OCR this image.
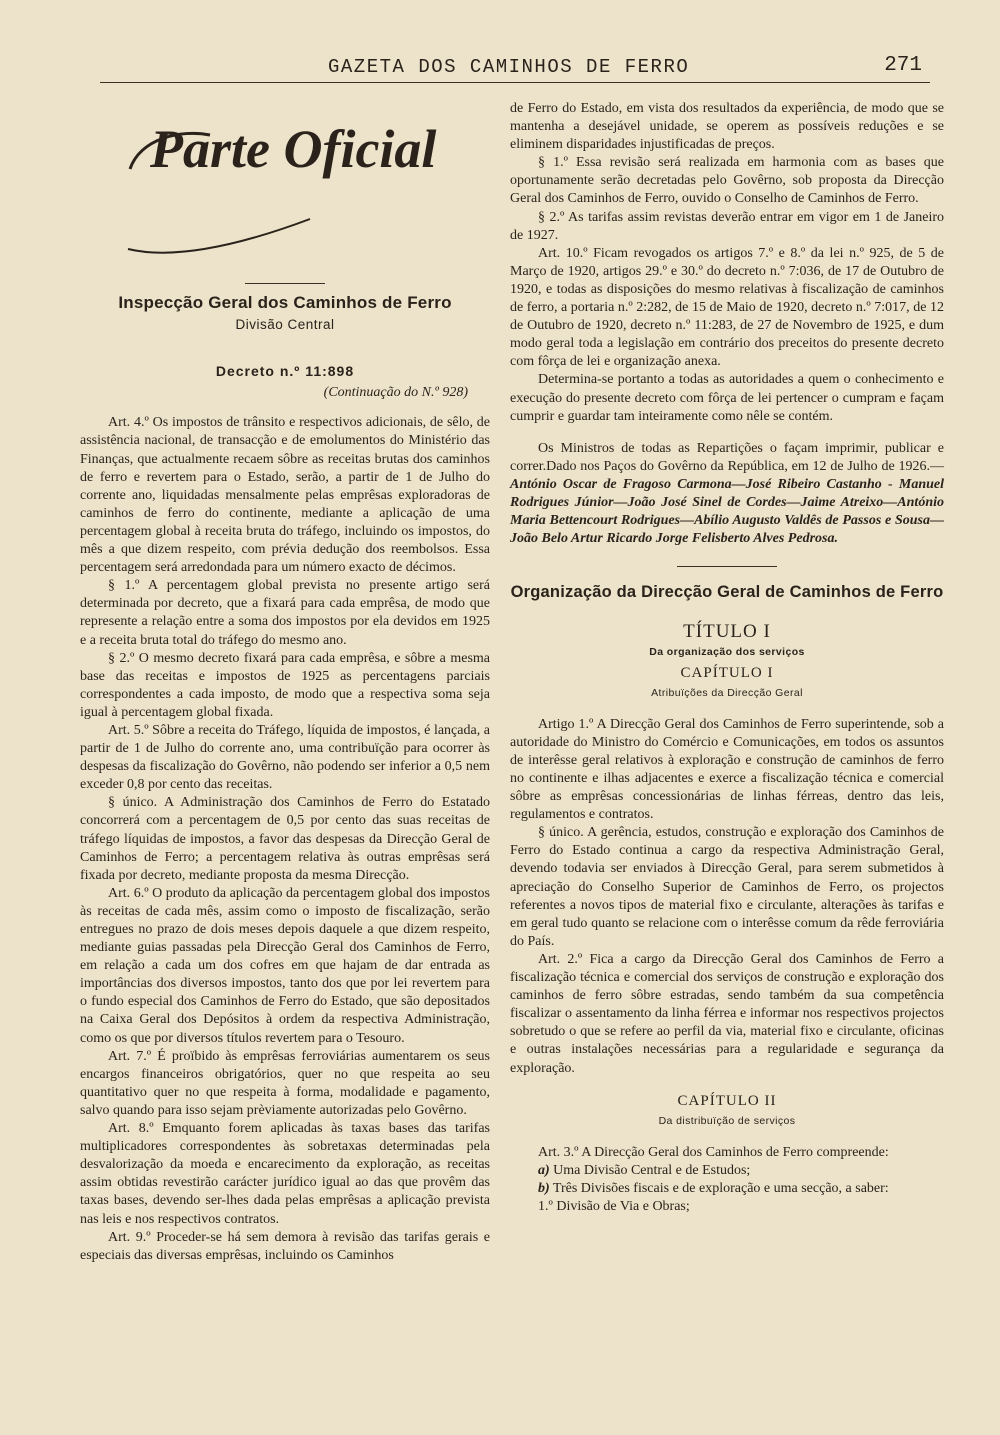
GAZETA DOS CAMINHOS DE FERRO	271
Parte Oficial

Inspecção Geral dos Caminhos de Ferro

Divisão Central

Decreto n.º 11:898

(Continuação do N.º 928)

Art. 4.º Os impostos de trânsito e respectivos adicionais, de sêlo, de assistência nacional, de transacção e de emolumentos do Ministério das Finanças, que actualmente recaem sôbre as receitas brutas dos caminhos de ferro e revertem para o Estado, serão, a partir de 1 de Julho do corrente ano, liquidadas mensalmente pelas emprêsas exploradoras de caminhos de ferro do continente, mediante a aplicação de uma percentagem global à receita bruta do tráfego, incluindo os impostos, do mês a que dizem respeito, com prévia dedução dos reembolsos. Essa percentagem será arredondada para um número exacto de décimos.

§ 1.º A percentagem global prevista no presente artigo será determinada por decreto, que a fixará para cada emprêsa, de modo que represente a relação entre a soma dos impostos por ela devidos em 1925 e a receita bruta total do tráfego do mesmo ano.

§ 2.º O mesmo decreto fixará para cada emprêsa, e sôbre a mesma base das receitas e impostos de 1925 as percentagens parciais correspondentes a cada imposto, de modo que a respectiva soma seja igual à percentagem global fixada.

Art. 5.º Sôbre a receita do Tráfego, líquida de impostos, é lançada, a partir de 1 de Julho do corrente ano, uma contribuïção para ocorrer às despesas da fiscalização do Govêrno, não podendo ser inferior a 0,5 nem exceder 0,8 por cento das receitas.

§ único. A Administração dos Caminhos de Ferro do Estatado concorrerá com a percentagem de 0,5 por cento das suas receitas de tráfego líquidas de impostos, a favor das despesas da Direcção Geral de Caminhos de Ferro; a percentagem relativa às outras emprêsas será fixada por decreto, mediante proposta da mesma Direcção.

Art. 6.º O produto da aplicação da percentagem global dos impostos às receitas de cada mês, assim como o imposto de fiscalização, serão entregues no prazo de dois meses depois daquele a que dizem respeito, mediante guias passadas pela Direcção Geral dos Caminhos de Ferro, em relação a cada um dos cofres em que hajam de dar entrada as importâncias dos diversos impostos, tanto dos que por lei revertem para o fundo especial dos Caminhos de Ferro do Estado, que são depositados na Caixa Geral dos Depósitos à ordem da respectiva Administração, como os que por diversos títulos revertem para o Tesouro.

Art. 7.º É proïbido às emprêsas ferroviárias aumentarem os seus encargos financeiros obrigatórios, quer no que respeita ao seu quantitativo quer no que respeita à forma, modalidade e pagamento, salvo quando para isso sejam prèviamente autorizadas pelo Govêrno.

Art. 8.º Emquanto forem aplicadas às taxas bases das tarifas multiplicadores correspondentes às sobretaxas determinadas pela desvalorização da moeda e encarecimento da exploração, as receitas assim obtidas revestirão carácter jurídico igual ao das que provêm das taxas bases, devendo ser-lhes dada pelas emprêsas a aplicação prevista nas leis e nos respectivos contratos.

Art. 9.º Proceder-se há sem demora à revisão das tarifas gerais e especiais das diversas emprêsas, incluindo os Caminhos

de Ferro do Estado, em vista dos resultados da experiência, de modo que se mantenha a desejável unidade, se operem as possíveis reduções e se eliminem disparidades injustificadas de preços.

§ 1.º Essa revisão será realizada em harmonia com as bases que oportunamente serão decretadas pelo Govêrno, sob proposta da Direcção Geral dos Caminhos de Ferro, ouvido o Conselho de Caminhos de Ferro.

§ 2.º As tarifas assim revistas deverão entrar em vigor em 1 de Janeiro de 1927.

Art. 10.º Ficam revogados os artigos 7.º e 8.º da lei n.º 925, de 5 de Março de 1920, artigos 29.º e 30.º do decreto n.º 7:036, de 17 de Outubro de 1920, e todas as disposições do mesmo relativas à fiscalização de caminhos de ferro, a portaria n.º 2:282, de 15 de Maio de 1920, decreto n.º 7:017, de 12 de Outubro de 1920, decreto n.º 11:283, de 27 de Novembro de 1925, e dum modo geral toda a legislação em contrário dos preceitos do presente decreto com fôrça de lei e organização anexa.

Determina-se portanto a todas as autoridades a quem o conhecimento e execução do presente decreto com fôrça de lei pertencer o cumpram e façam cumprir e guardar tam inteiramente como nêle se contém.

Os Ministros de todas as Repartições o façam imprimir, publicar e correr.Dado nos Paços do Govêrno da República, em 12 de Julho de 1926.—António Oscar de Fragoso Carmona—José Ribeiro Castanho - Manuel Rodrigues Júnior—João José Sinel de Cordes—Jaime Atreixo—António Maria Bettencourt Rodrigues—Abílio Augusto Valdês de Passos e Sousa—João Belo Artur Ricardo Jorge Felisberto Alves Pedrosa.

Organização da Direcção Geral de Caminhos de Ferro

TÍTULO I

Da organização dos serviços

CAPÍTULO I

Atribuïções da Direcção Geral

Artigo 1.º A Direcção Geral dos Caminhos de Ferro superintende, sob a autoridade do Ministro do Comércio e Comunicações, em todos os assuntos de interêsse geral relativos à exploração e construção de caminhos de ferro no continente e ilhas adjacentes e exerce a fiscalização técnica e comercial sôbre as emprêsas concessionárias de linhas férreas, dentro das leis, regulamentos e contratos.

§ único. A gerência, estudos, construção e exploração dos Caminhos de Ferro do Estado continua a cargo da respectiva Administração Geral, devendo todavia ser enviados à Direcção Geral, para serem submetidos à apreciação do Conselho Superior de Caminhos de Ferro, os projectos referentes a novos tipos de material fixo e circulante, alterações às tarifas e em geral tudo quanto se relacione com o interêsse comum da rêde ferroviária do País.

Art. 2.º Fica a cargo da Direcção Geral dos Caminhos de Ferro a fiscalização técnica e comercial dos serviços de construção e exploração dos caminhos de ferro sôbre estradas, sendo também da sua competência fiscalizar o assentamento da linha férrea e informar nos respectivos projectos sobretudo o que se refere ao perfil da via, material fixo e circulante, oficinas e outras instalações necessárias para a regularidade e segurança da exploração.

CAPÍTULO II

Da distribuïção de serviços

Art. 3.º A Direcção Geral dos Caminhos de Ferro compreende:

a) Uma Divisão Central e de Estudos;

b) Três Divisões fiscais e de exploração e uma secção, a saber:

1.º Divisão de Via e Obras;
